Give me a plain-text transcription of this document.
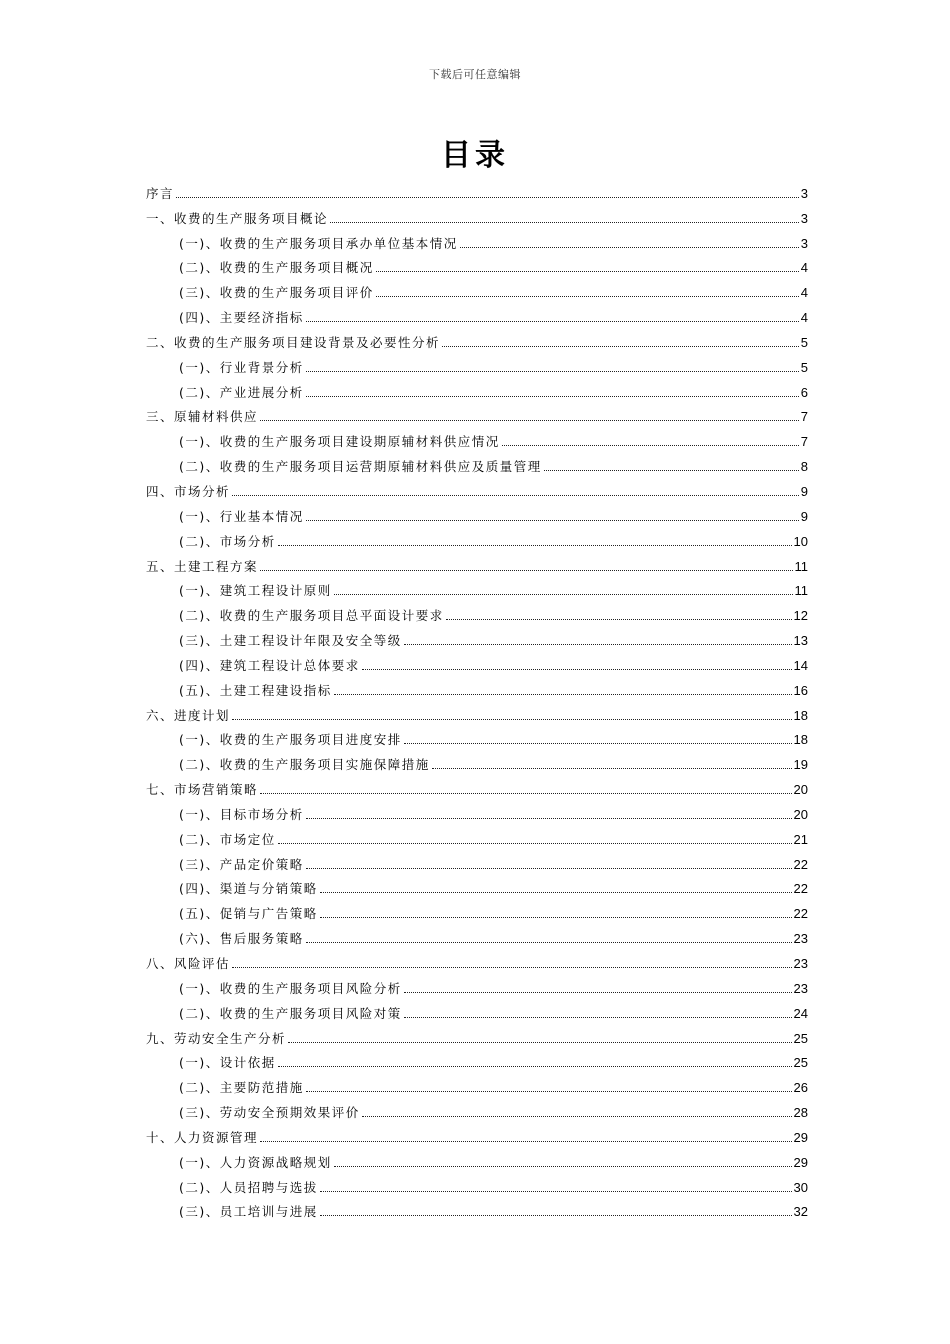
下载后可任意编辑
目录
序言	3
一、收费的生产服务项目概论	3
(一)、收费的生产服务项目承办单位基本情况	3
(二)、收费的生产服务项目概况	4
(三)、收费的生产服务项目评价	4
(四)、主要经济指标	4
二、收费的生产服务项目建设背景及必要性分析	5
(一)、行业背景分析	5
(二)、产业进展分析	6
三、原辅材料供应	7
(一)、收费的生产服务项目建设期原辅材料供应情况	7
(二)、收费的生产服务项目运营期原辅材料供应及质量管理	8
四、市场分析	9
(一)、行业基本情况	9
(二)、市场分析	10
五、土建工程方案	11
(一)、建筑工程设计原则	11
(二)、收费的生产服务项目总平面设计要求	12
(三)、土建工程设计年限及安全等级	13
(四)、建筑工程设计总体要求	14
(五)、土建工程建设指标	16
六、进度计划	18
(一)、收费的生产服务项目进度安排	18
(二)、收费的生产服务项目实施保障措施	19
七、市场营销策略	20
(一)、目标市场分析	20
(二)、市场定位	21
(三)、产品定价策略	22
(四)、渠道与分销策略	22
(五)、促销与广告策略	22
(六)、售后服务策略	23
八、风险评估	23
(一)、收费的生产服务项目风险分析	23
(二)、收费的生产服务项目风险对策	24
九、劳动安全生产分析	25
(一)、设计依据	25
(二)、主要防范措施	26
(三)、劳动安全预期效果评价	28
十、人力资源管理	29
(一)、人力资源战略规划	29
(二)、人员招聘与选拔	30
(三)、员工培训与进展	32
